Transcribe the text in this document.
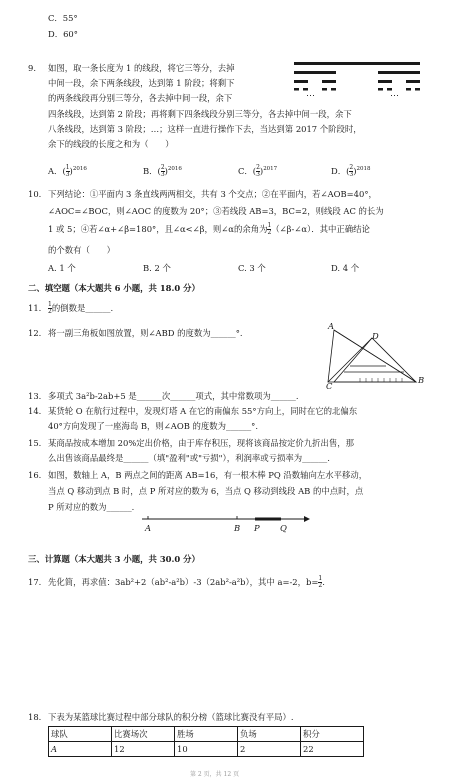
C．55°
D．60°
9. 如图，取一条长度为 1 的线段，将它三等分，去掉
中间一段，余下两条线段，达到第 1 阶段；将剩下
的两条线段再分别三等分，各去掉中间一段，余下
四条线段，达到第 2 阶段；再将剩下四条线段分别三等分，各去掉中间一段，余下
八条线段，达到第 3 阶段；…；这样一直进行操作下去，当达到第 2017 个阶段时，
余下的线段的长度之和为（　　）
⋯	⋯
A．( $\frac{1}{3} )^{2016}$	B．( $\frac{2}{3} )^{2016}$	C．( $\frac{2}{3} )^{2017}$	D．( $\frac{2}{3} )^{2018}$
10. 下列结论：①平面内 3 条直线两两相交，共有 3 个交点；②在平面内，若∠AOB=40°，
∠AOC=∠BOC，则∠AOC 的度数为 20°；③若线段 AB=3，BC=2，则线段 AC 的长为
1 或 5；④若∠α+∠β=180°，且∠α<∠β，则∠α的余角为 $\frac{1}{2}$ （∠β-∠α）．其中正确结论
的个数有（　　）
A. 1 个	B. 2 个	C. 3 个	D. 4 个
二、填空题（本大题共 6 小题，共 18.0 分）
11. $\frac{1}{2}$ 的倒数是______.
12. 将一副三角板如图放置，则∠ABD 的度数为______°.
A
D
C
B
13. 多项式 3a²b-2ab+5 是______次______项式，其中常数项为______.
14. 某货轮 O 在航行过程中，发现灯塔 A 在它的南偏东 55°方向上，同时在它的北偏东
40°方向发现了一座海岛 B，则∠AOB 的度数为______°.
15. 某商品按成本增加 20%定出价格，由于库存积压，现将该商品按定价九折出售，那
么出售该商品最终是______（填"盈利"或"亏损"），利润率或亏损率为______.
16. 如图，数轴上 A，B 两点之间的距离 AB=16，有一根木棒 PQ 沿数轴向左水平移动，
当点 Q 移动到点 B 时，点 P 所对应的数为 6，当点 Q 移动到线段 AB 的中点时，点
P 所对应的数为______.
A	B P Q
三、计算题（本大题共 3 小题，共 30.0 分）
17. 先化简，再求值：3ab²+2（ab²-a²b）-3（2ab²-a²b），其中 a=-2，$b= \frac{1}{2}$ .
18. 下表为某篮球比赛过程中部分球队的积分榜（篮球比赛没有平局）.
球队	比赛场次	胜场	负场	积分
A	12	10	2	22
第 2 页，共 12 页
